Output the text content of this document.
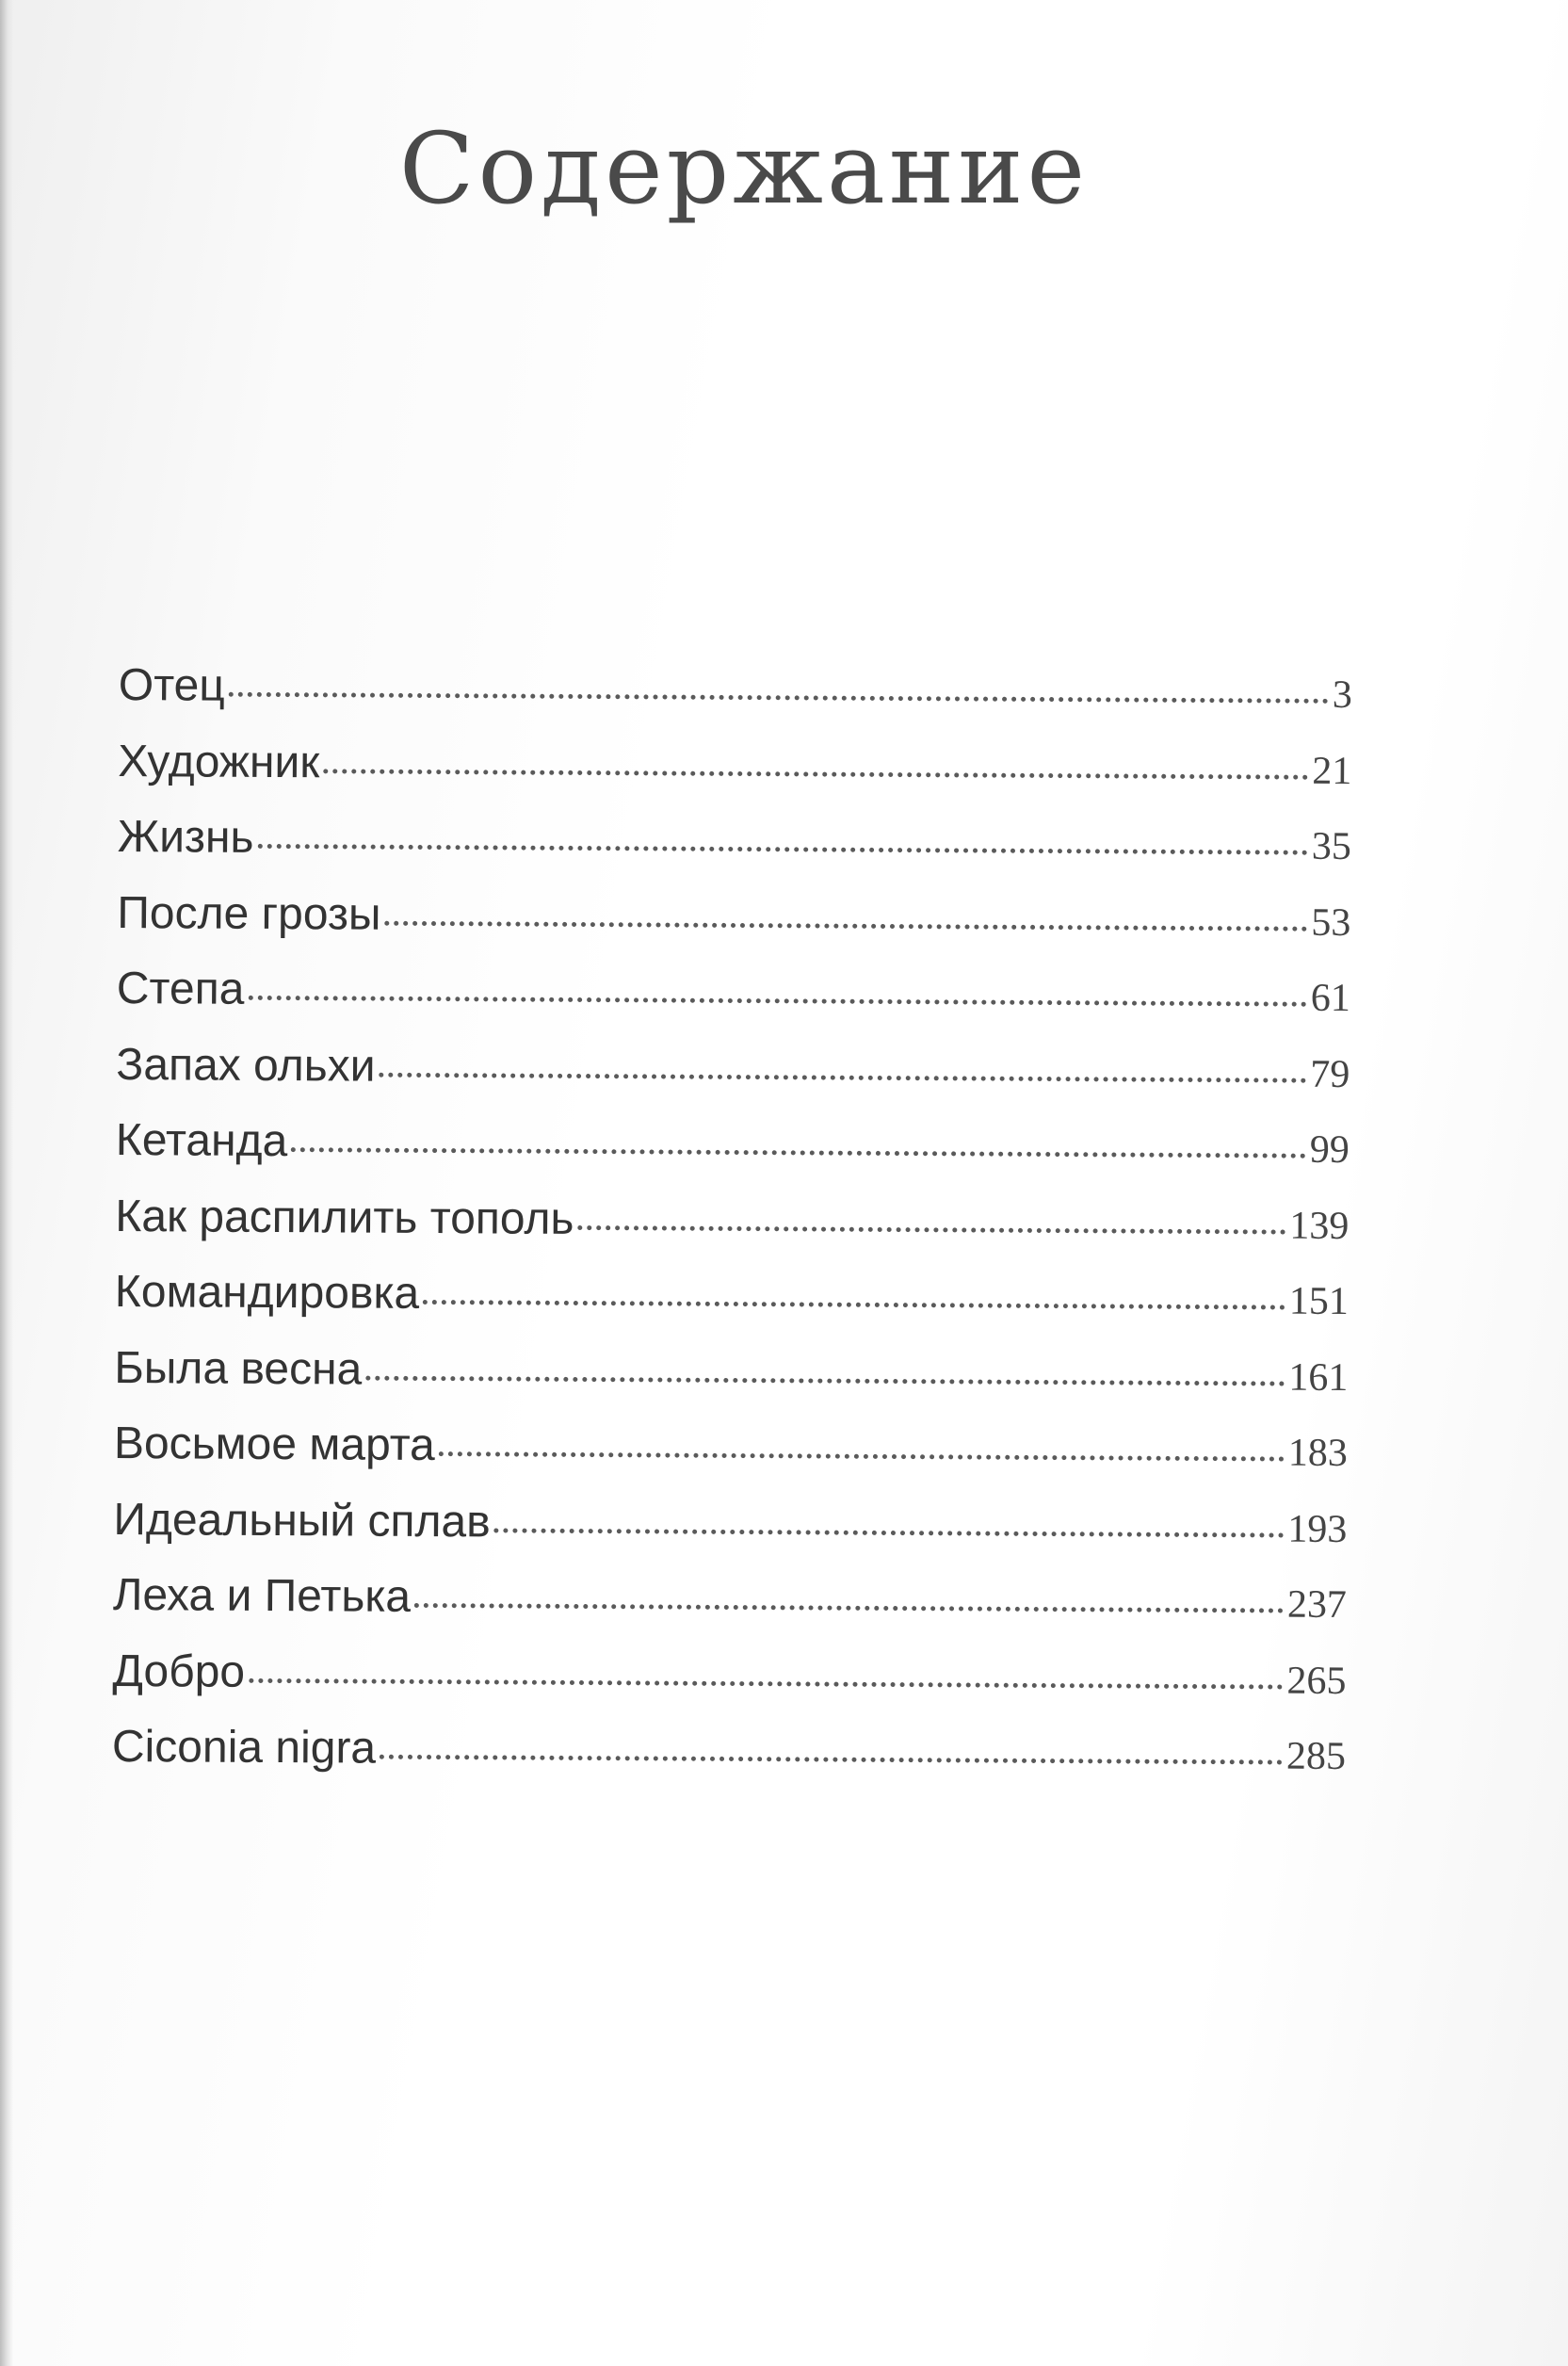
Содержание
Отец	3
Художник	21
Жизнь	35
После грозы	53
Степа	61
Запах ольхи	79
Кетанда	99
Как распилить тополь	139
Командировка	151
Была весна	161
Восьмое марта	183
Идеальный сплав	193
Леха и Петька	237
Добро	265
Ciconia nigra	285
